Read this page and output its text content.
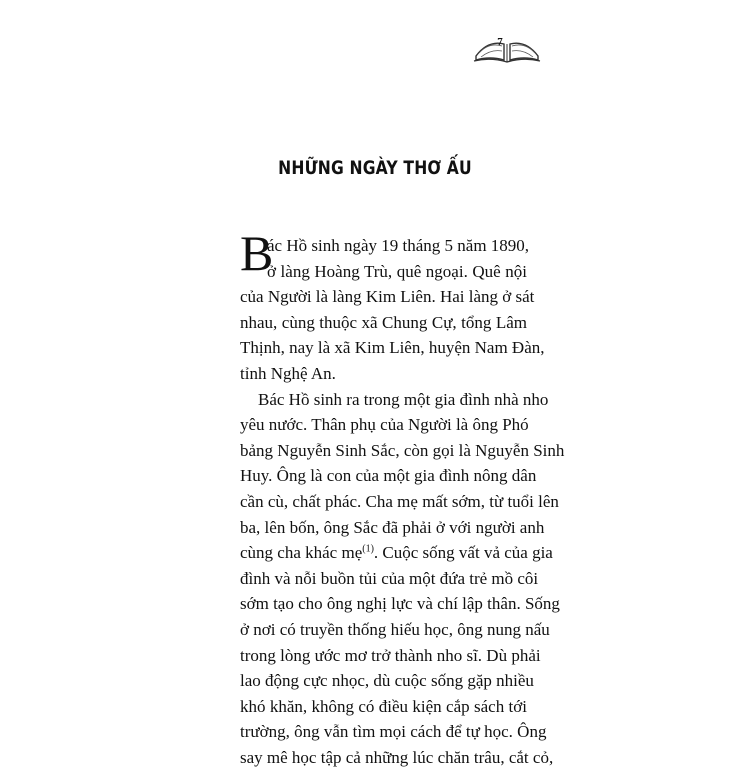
7
NHỮNG NGÀY THƠ ẤU
B
ác Hồ sinh ngày 19 tháng 5 năm 1890,
ở làng Hoàng Trù, quê ngoại. Quê nội
của Người là làng Kim Liên. Hai làng ở sát
nhau, cùng thuộc xã Chung Cự, tổng Lâm
Thịnh, nay là xã Kim Liên, huyện Nam Đàn,
tỉnh Nghệ An.
Bác Hồ sinh ra trong một gia đình nhà nho
yêu nước. Thân phụ của Người là ông Phó
bảng Nguyễn Sinh Sắc, còn gọi là Nguyễn Sinh
Huy. Ông là con của một gia đình nông dân
cần cù, chất phác. Cha mẹ mất sớm, từ tuổi lên
ba, lên bốn, ông Sắc đã phải ở với người anh
cùng cha khác mẹ$^{(1)}$. Cuộc sống vất vả của gia
đình và nỗi buồn tủi của một đứa trẻ mồ côi
sớm tạo cho ông nghị lực và chí lập thân. Sống
ở nơi có truyền thống hiếu học, ông nung nấu
trong lòng ước mơ trở thành nho sĩ. Dù phải
lao động cực nhọc, dù cuộc sống gặp nhiều
khó khăn, không có điều kiện cắp sách tới
trường, ông vẫn tìm mọi cách để tự học. Ông
say mê học tập cả những lúc chăn trâu, cắt cỏ,
